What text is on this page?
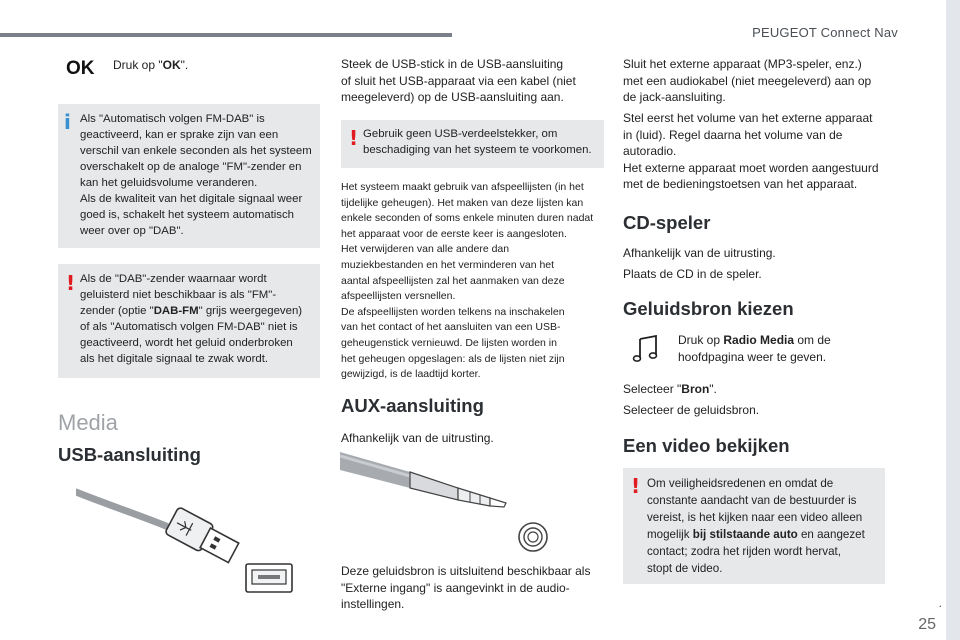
PEUGEOT Connect Nav
OK Druk op "OK".

i Als "Automatisch volgen FM-DAB" is

geactiveerd, kan er sprake zijn van een

verschil van enkele seconden als het systeem

overschakelt op de analoge "FM"-zender en

kan het geluidsvolume veranderen.

Als de kwaliteit van het digitale signaal weer

goed is, schakelt het systeem automatisch

weer over op "DAB".

! Als de "DAB"-zender waarnaar wordt

geluisterd niet beschikbaar is als "FM"-

zender (optie "DAB-FM" grijs weergegeven)

of als "Automatisch volgen FM-DAB" niet is

geactiveerd, wordt het geluid onderbroken

als het digitale signaal te zwak wordt.

Media
USB-aansluiting

Steek de USB-stick in de USB-aansluiting

of sluit het USB-apparaat via een kabel (niet

meegeleverd) op de USB-aansluiting aan.

! Gebruik geen USB-verdeelstekker, om

beschadiging van het systeem te voorkomen.

Het systeem maakt gebruik van afspeellijsten (in het

tijdelijke geheugen). Het maken van deze lijsten kan

enkele seconden of soms enkele minuten duren nadat

het apparaat voor de eerste keer is aangesloten.

Het verwijderen van alle andere dan

muziekbestanden en het verminderen van het

aantal afspeellijsten zal het aanmaken van deze

afspeellijsten versnellen.

De afspeellijsten worden telkens na inschakelen

van het contact of het aansluiten van een USB-

geheugenstick vernieuwd. De lijsten worden in

het geheugen opgeslagen: als de lijsten niet zijn

gewijzigd, is de laadtijd korter.

AUX-aansluiting

Afhankelijk van de uitrusting.

Deze geluidsbron is uitsluitend beschikbaar als

"Externe ingang" is aangevinkt in de audio-

instellingen.

Sluit het externe apparaat (MP3-speler, enz.)

met een audiokabel (niet meegeleverd) aan op

de jack-aansluiting.

Stel eerst het volume van het externe apparaat

in (luid). Regel daarna het volume van de

autoradio.

Het externe apparaat moet worden aangestuurd

met de bedieningstoetsen van het apparaat.

CD-speler

Afhankelijk van de uitrusting.

Plaats de CD in de speler.

Geluidsbron kiezen

Druk op Radio Media om de

hoofdpagina weer te geven.

Selecteer "Bron".

Selecteer de geluidsbron.

Een video bekijken
! Om veiligheidsredenen en omdat de

constante aandacht van de bestuurder is

vereist, is het kijken naar een video alleen

mogelijk bij stilstaande auto en aangezet

contact; zodra het rijden wordt hervat,

stopt de video.

.
25
